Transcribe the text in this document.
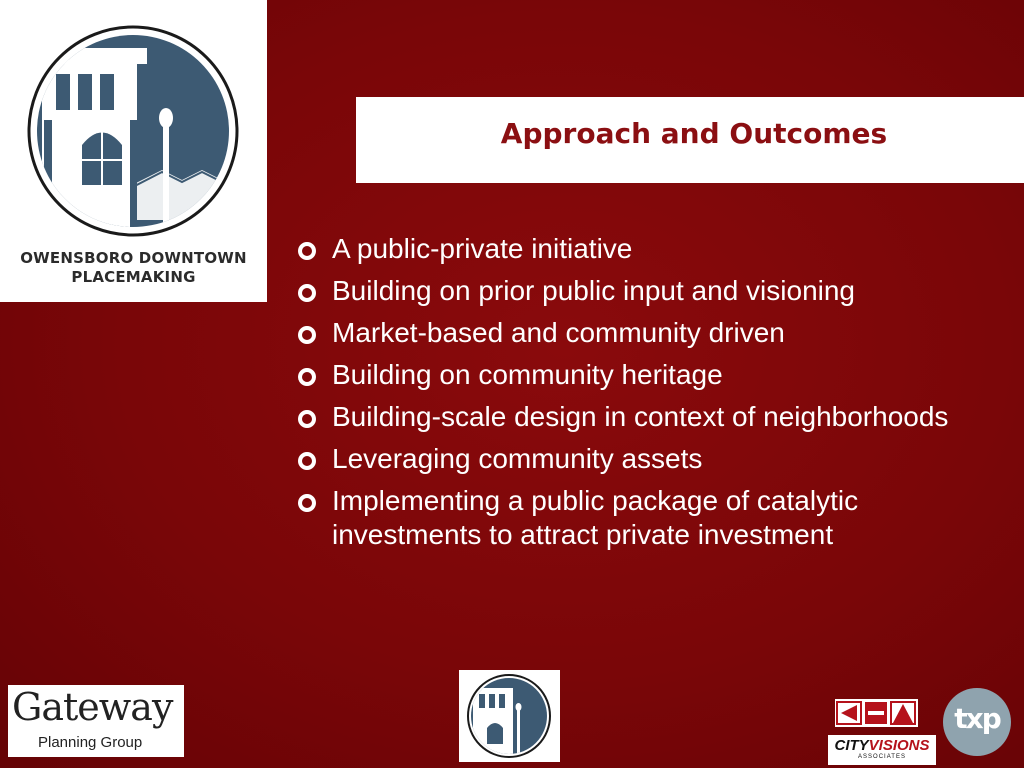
OWENSBORO DOWNTOWN
PLACEMAKING
Approach and Outcomes
A public-private initiative
Building on prior public input and visioning
Market-based and community driven
Building on community heritage
Building-scale design in context of neighborhoods
Leveraging community assets
Implementing a public package of catalytic investments to attract private investment
Gateway
Planning Group	CITYVISIONS
ASSOCIATES
txp
